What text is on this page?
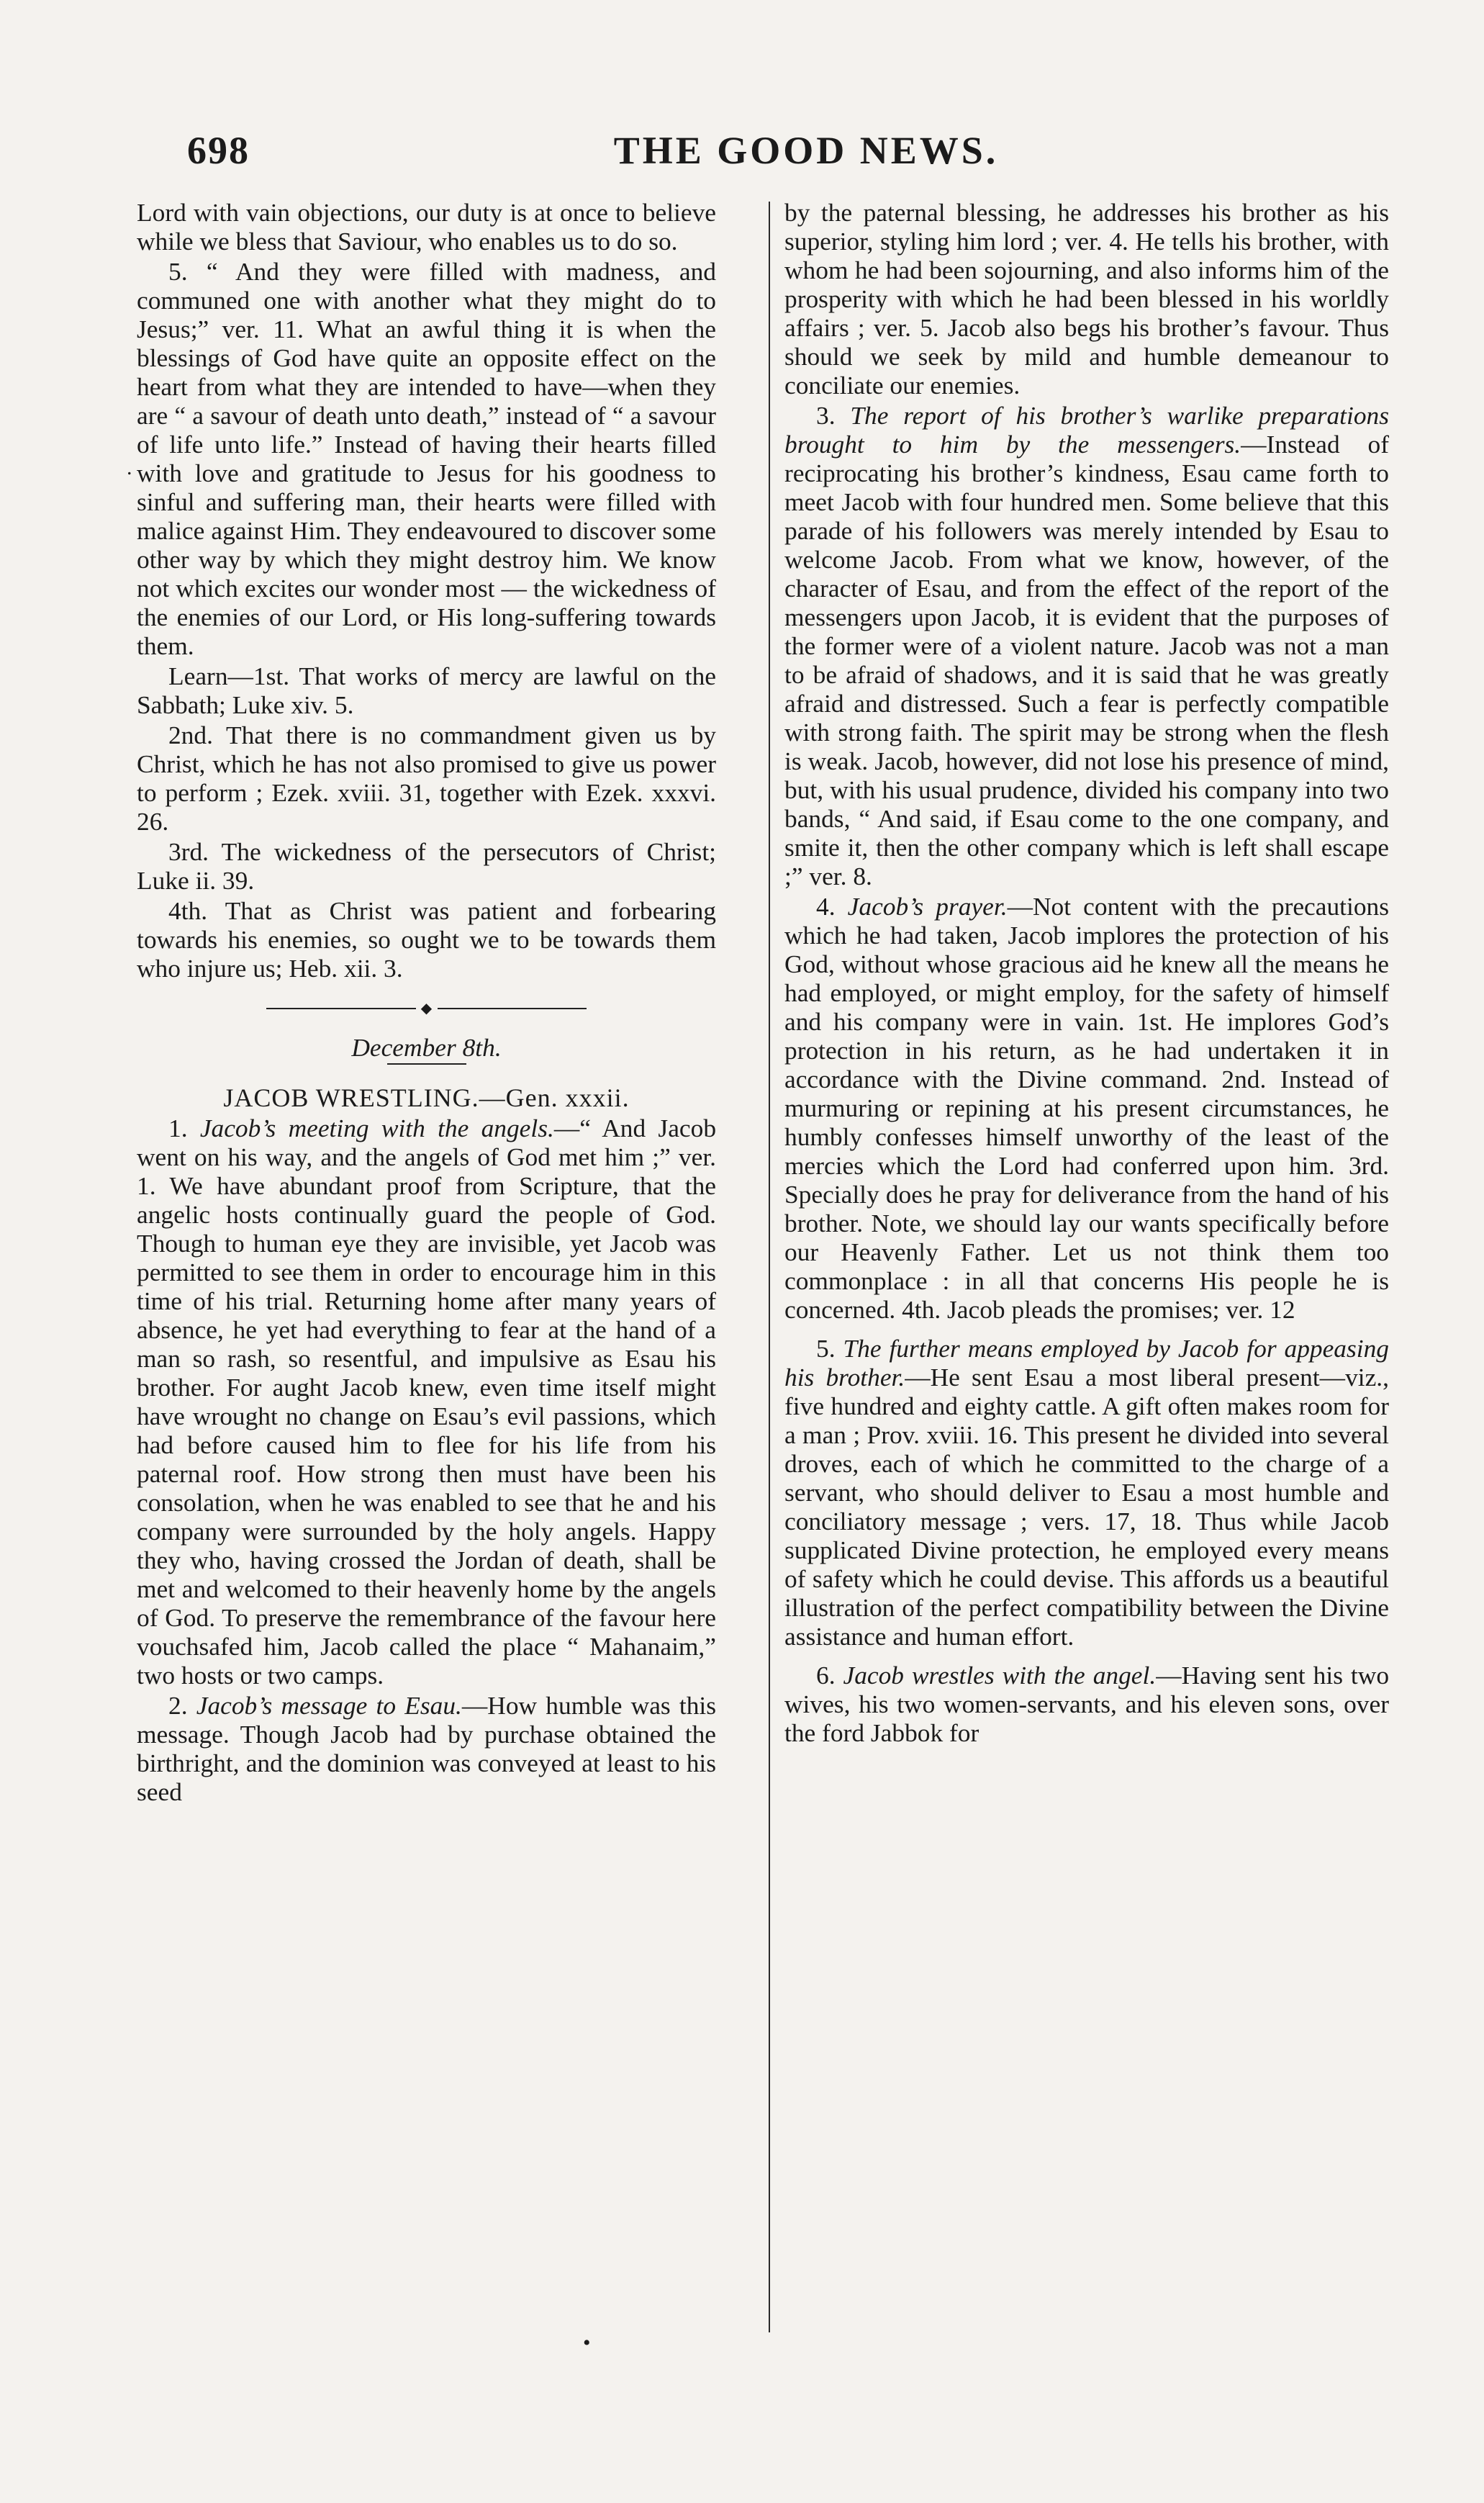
698	THE GOOD NEWS.
.

Lord with vain objections, our duty is at once to believe while we bless that Saviour, who enables us to do so.

5. “ And they were filled with madness, and communed one with another what they might do to Jesus;” ver. 11. What an awful thing it is when the blessings of God have quite an opposite effect on the heart from what they are intended to have—when they are “ a savour of death unto death,” instead of “ a savour of life unto life.” Instead of having their hearts filled with love and gratitude to Jesus for his goodness to sinful and suffering man, their hearts were filled with malice against Him. They endeavoured to discover some other way by which they might destroy him. We know not which excites our wonder most — the wickedness of the enemies of our Lord, or His long-suffering towards them.

Learn—1st. That works of mercy are lawful on the Sabbath; Luke xiv. 5.

2nd. That there is no commandment given us by Christ, which he has not also promised to give us power to perform ; Ezek. xviii. 31, together with Ezek. xxxvi. 26.

3rd. The wickedness of the persecutors of Christ; Luke ii. 39.

4th. That as Christ was patient and forbearing towards his enemies, so ought we to be towards them who injure us; Heb. xii. 3.

◆

December 8th.

JACOB WRESTLING.—Gen. xxxii.

1. Jacob’s meeting with the angels.—“ And Jacob went on his way, and the angels of God met him ;” ver. 1. We have abundant proof from Scripture, that the angelic hosts continually guard the people of God. Though to human eye they are invisible, yet Jacob was permitted to see them in order to encourage him in this time of his trial. Returning home after many years of absence, he yet had everything to fear at the hand of a man so rash, so resentful, and impulsive as Esau his brother. For aught Jacob knew, even time itself might have wrought no change on Esau’s evil passions, which had before caused him to flee for his life from his paternal roof. How strong then must have been his consolation, when he was enabled to see that he and his company were surrounded by the holy angels. Happy they who, having crossed the Jordan of death, shall be met and welcomed to their heavenly home by the angels of God. To preserve the remembrance of the favour here vouchsafed him, Jacob called the place “ Mahanaim,” two hosts or two camps.

2. Jacob’s message to Esau.—How humble was this message. Though Jacob had by purchase obtained the birthright, and the dominion was conveyed at least to his seed

by the paternal blessing, he addresses his brother as his superior, styling him lord ; ver. 4. He tells his brother, with whom he had been sojourning, and also informs him of the prosperity with which he had been blessed in his worldly affairs ; ver. 5. Jacob also begs his brother’s favour. Thus should we seek by mild and humble demeanour to conciliate our enemies.

3. The report of his brother’s warlike preparations brought to him by the messengers.—Instead of reciprocating his brother’s kindness, Esau came forth to meet Jacob with four hundred men. Some believe that this parade of his followers was merely intended by Esau to welcome Jacob. From what we know, however, of the character of Esau, and from the effect of the report of the messengers upon Jacob, it is evident that the purposes of the former were of a violent nature. Jacob was not a man to be afraid of shadows, and it is said that he was greatly afraid and distressed. Such a fear is perfectly compatible with strong faith. The spirit may be strong when the flesh is weak. Jacob, however, did not lose his presence of mind, but, with his usual prudence, divided his company into two bands, “ And said, if Esau come to the one company, and smite it, then the other company which is left shall escape ;” ver. 8.

4. Jacob’s prayer.—Not content with the precautions which he had taken, Jacob implores the protection of his God, without whose gracious aid he knew all the means he had employed, or might employ, for the safety of himself and his company were in vain. 1st. He implores God’s protection in his return, as he had undertaken it in accordance with the Divine command. 2nd. Instead of murmuring or repining at his present circumstances, he humbly confesses himself unworthy of the least of the mercies which the Lord had conferred upon him. 3rd. Specially does he pray for deliverance from the hand of his brother. Note, we should lay our wants specifically before our Heavenly Father. Let us not think them too commonplace : in all that concerns His people he is concerned. 4th. Jacob pleads the promises; ver. 12

5. The further means employed by Jacob for appeasing his brother.—He sent Esau a most liberal present—viz., five hundred and eighty cattle. A gift often makes room for a man ; Prov. xviii. 16. This present he divided into several droves, each of which he committed to the charge of a servant, who should deliver to Esau a most humble and conciliatory message ; vers. 17, 18. Thus while Jacob supplicated Divine protection, he employed every means of safety which he could devise. This affords us a beautiful illustration of the perfect compatibility between the Divine assistance and human effort.

6. Jacob wrestles with the angel.—Having sent his two wives, his two women-servants, and his eleven sons, over the ford Jabbok for

•
